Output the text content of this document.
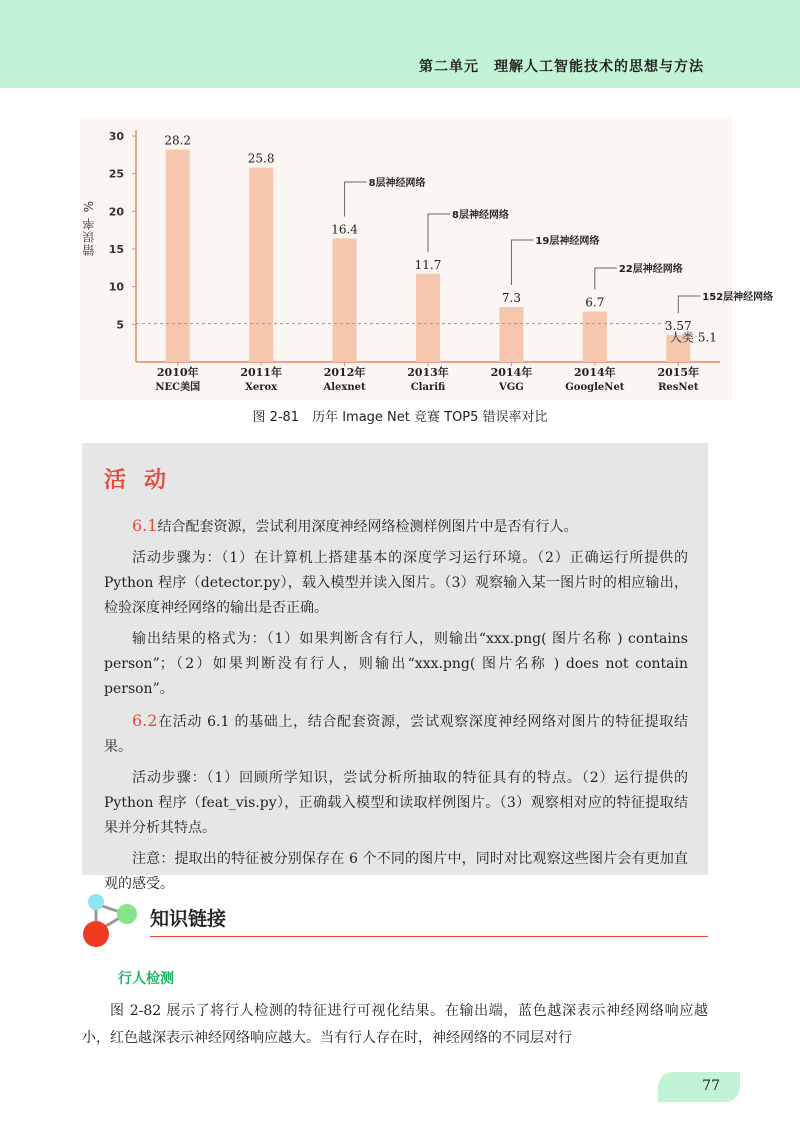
第二单元　理解人工智能技术的思想与方法
5
10
15
20
25
30	28.2
2010年
NEC美国
25.8
2011年
Xerox
16.4
2012年
Alexnet
8层神经网络
11.7
2013年
Clarifi
8层神经网络
7.3
2014年
VGG
19层神经网络
6.7
2014年
GoogleNet
22层神经网络
3.57
2015年
ResNet
152层神经网络
人类 5.1
错误率 %
图 2-81　历年 Image Net 竞赛 TOP5 错误率对比
活动

6.1结合配套资源，尝试利用深度神经网络检测样例图片中是否有行人。

活动步骤为：（1）在计算机上搭建基本的深度学习运行环境。（2）正确运行所提供的 Python 程序（detector.py），载入模型并读入图片。（3）观察输入某一图片时的相应输出，检验深度神经网络的输出是否正确。

输出结果的格式为：（1）如果判断含有行人，则输出“xxx.png( 图片名称 ) contains person”；（2）如果判断没有行人，则输出“xxx.png( 图片名称 ) does not contain person”。

6.2在活动 6.1 的基础上，结合配套资源，尝试观察深度神经网络对图片的特征提取结果。

活动步骤：（1）回顾所学知识，尝试分析所抽取的特征具有的特点。（2）运行提供的 Python 程序（feat_vis.py），正确载入模型和读取样例图片。（3）观察相对应的特征提取结果并分析其特点。

注意：提取出的特征被分别保存在 6 个不同的图片中，同时对比观察这些图片会有更加直观的感受。

知识链接
行人检测

图 2-82 展示了将行人检测的特征进行可视化结果。在输出端，蓝色越深表示神经网络响应越小，红色越深表示神经网络响应越大。当有行人存在时，神经网络的不同层对行

77
